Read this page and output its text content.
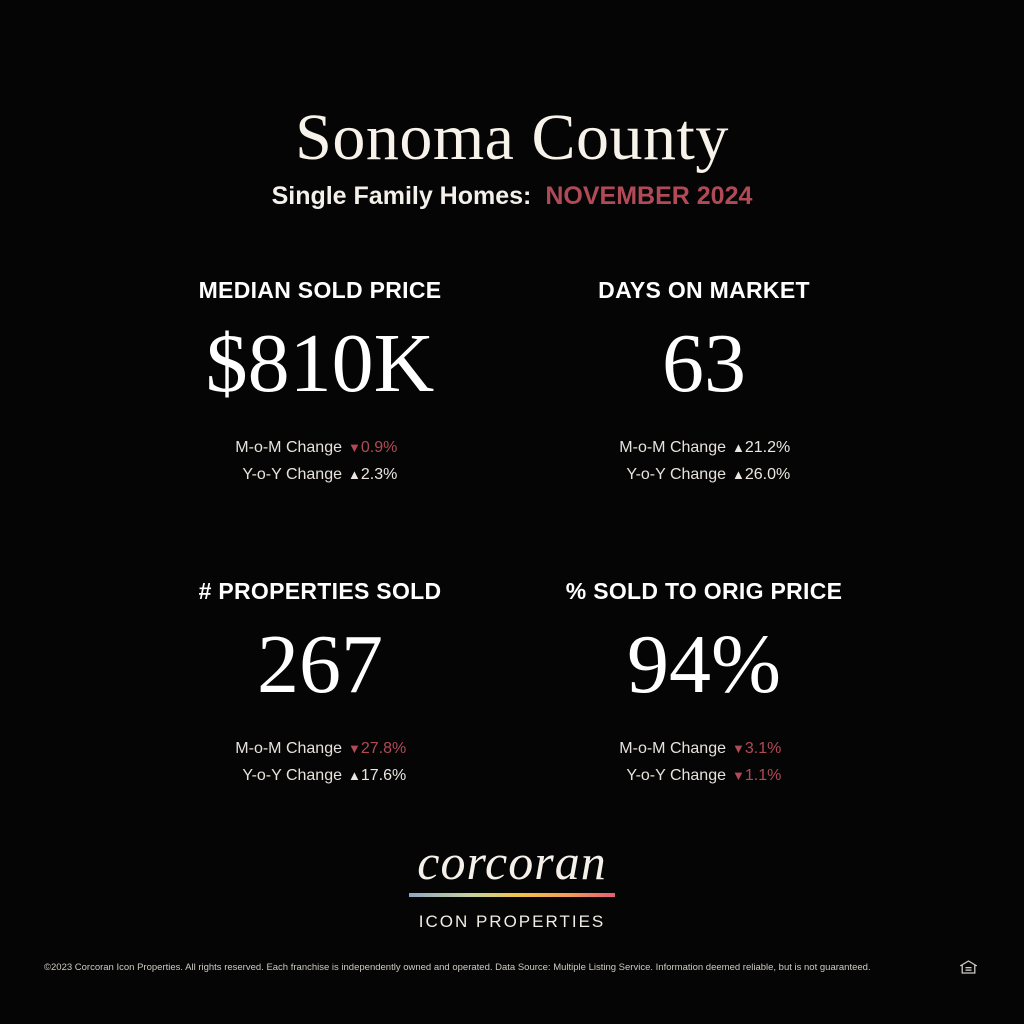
Sonoma County
Single Family Homes: NOVEMBER 2024
MEDIAN SOLD PRICE
$810K
M-o-M Change ▼0.9%
Y-o-Y Change ▲2.3%
DAYS ON MARKET
63
M-o-M Change ▲21.2%
Y-o-Y Change ▲26.0%
# PROPERTIES SOLD
267
M-o-M Change ▼27.8%
Y-o-Y Change ▲17.6%
% SOLD TO ORIG PRICE
94%
M-o-M Change ▼3.1%
Y-o-Y Change ▼1.1%
corcoran
ICON PROPERTIES
©2023 Corcoran Icon Properties. All rights reserved. Each franchise is independently owned and operated. Data Source: Multiple Listing Service. Information deemed reliable, but is not guaranteed.
